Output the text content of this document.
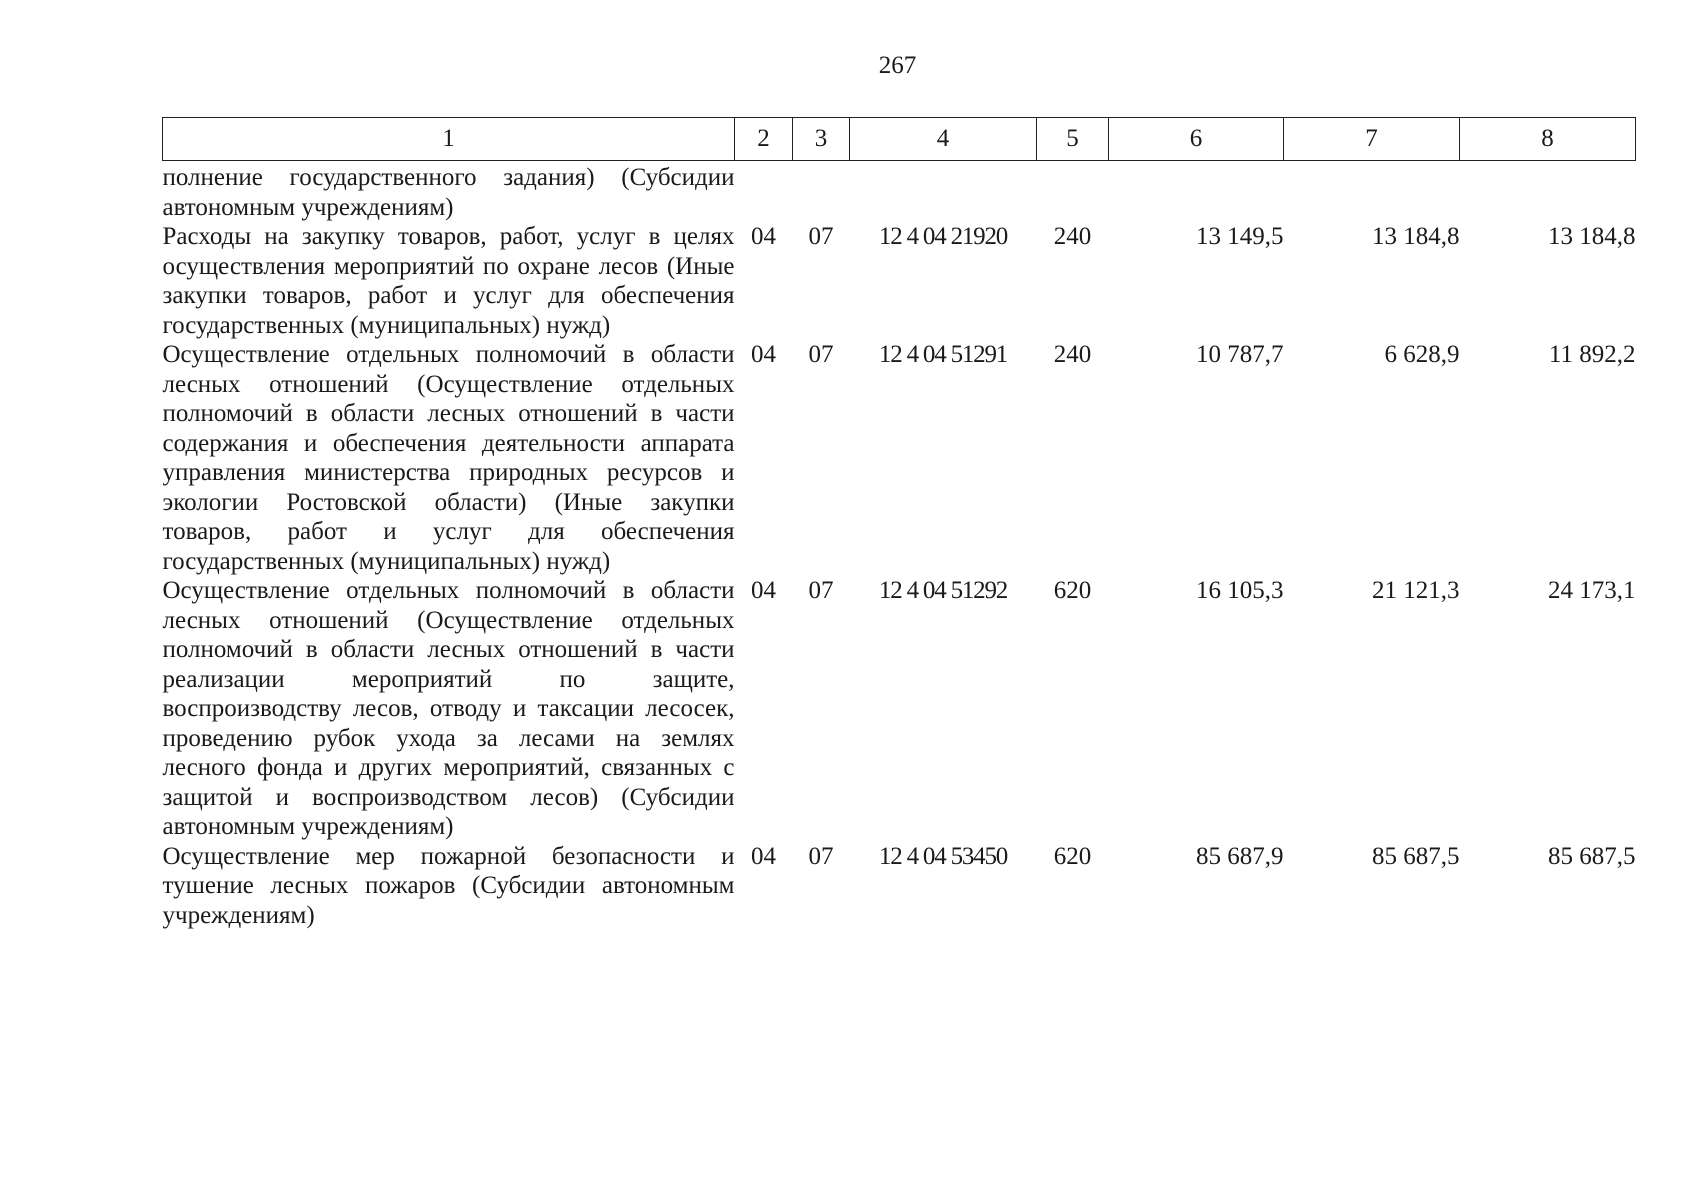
267
1	2	3	4	5	6	7	8
полнение государственного задания) (Субсидии автономным учреждениям)							
Расходы на закупку товаров, работ, услуг в целях осуществления мероприятий по охране лесов (Иные закупки товаров, работ и услуг для обеспечения государственных (муниципальных) нужд)	04	07	12 4 04 21920	240	13 149,5	13 184,8	13 184,8
Осуществление отдельных полномочий в области лесных отношений (Осуществление отдельных полномочий в области лесных отношений в части содержания и обеспечения деятельности аппарата управления министерства природных ресурсов и экологии Ростовской области) (Иные закупки товаров, работ и услуг для обеспечения государственных (муниципальных) нужд)	04	07	12 4 04 51291	240	10 787,7	6 628,9	11 892,2
Осуществление отдельных полномочий в области лесных отношений (Осуществление отдельных полномочий в области лесных отношений в части реализации мероприятий по защите, воспроизводству лесов, отводу и таксации лесосек, проведению рубок ухода за лесами на землях лесного фонда и других мероприятий, связанных с защитой и воспроизводством лесов) (Субсидии автономным учреждениям)	04	07	12 4 04 51292	620	16 105,3	21 121,3	24 173,1
Осуществление мер пожарной безопасности и тушение лесных пожаров (Субсидии автономным учреждениям)	04	07	12 4 04 53450	620	85 687,9	85 687,5	85 687,5
